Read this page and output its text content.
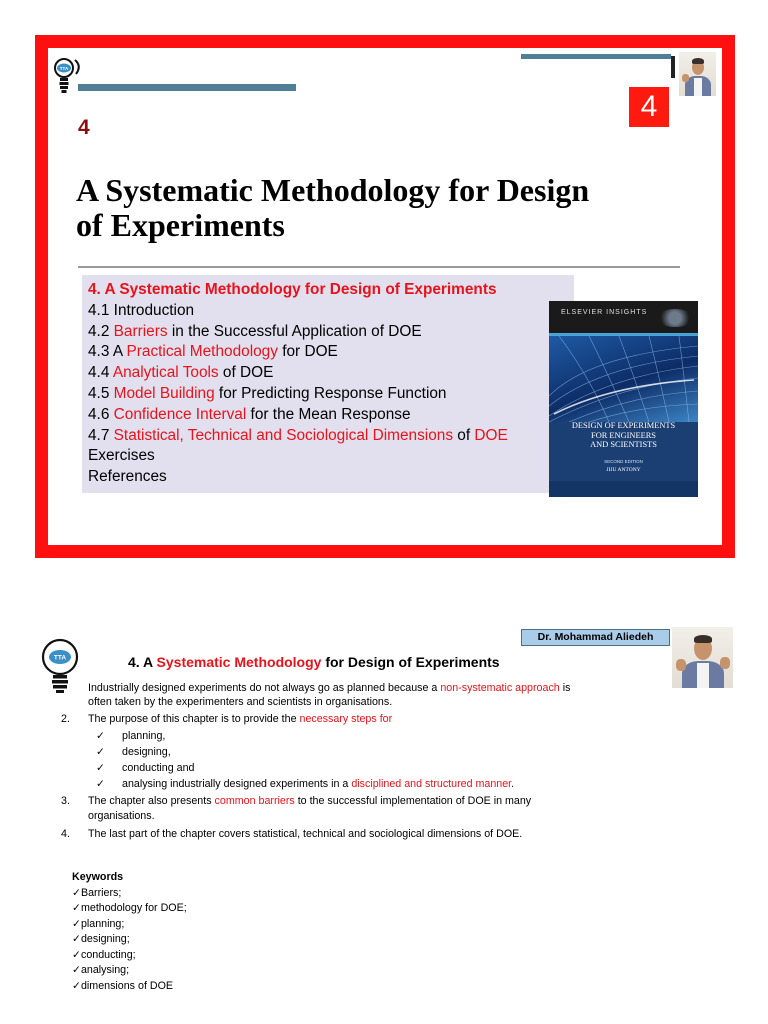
TTA
4
4
A Systematic Methodology for Design
of Experiments
4. A Systematic Methodology for Design of Experiments
4.1 Introduction
4.2 Barriers in the Successful Application of DOE
4.3 A Practical Methodology for DOE
4.4 Analytical Tools of DOE
4.5 Model Building for Predicting Response Function
4.6 Confidence Interval for the Mean Response
4.7 Statistical, Technical and Sociological Dimensions of DOE
Exercises
References
ELSEVIER INSIGHTS
DESIGN OF EXPERIMENTS
FOR ENGINEERS
AND SCIENTISTS
SECOND EDITION
JIJU ANTONY
TTA
Dr. Mohammad Aliedeh
4. A Systematic Methodology for Design of Experiments
Industrially designed experiments do not always go as planned because a non-systematic approach is
often taken by the experimenters and scientists in organisations.
2. The purpose of this chapter is to provide the necessary steps for
✓ planning,
✓ designing,
✓ conducting and
✓ analysing industrially designed experiments in a disciplined and structured manner.
3. The chapter also presents common barriers to the successful implementation of DOE in many
organisations.
4. The last part of the chapter covers statistical, technical and sociological dimensions of DOE.
Keywords
✓Barriers;
✓methodology for DOE;
✓planning;
✓designing;
✓conducting;
✓analysing;
✓dimensions of DOE
